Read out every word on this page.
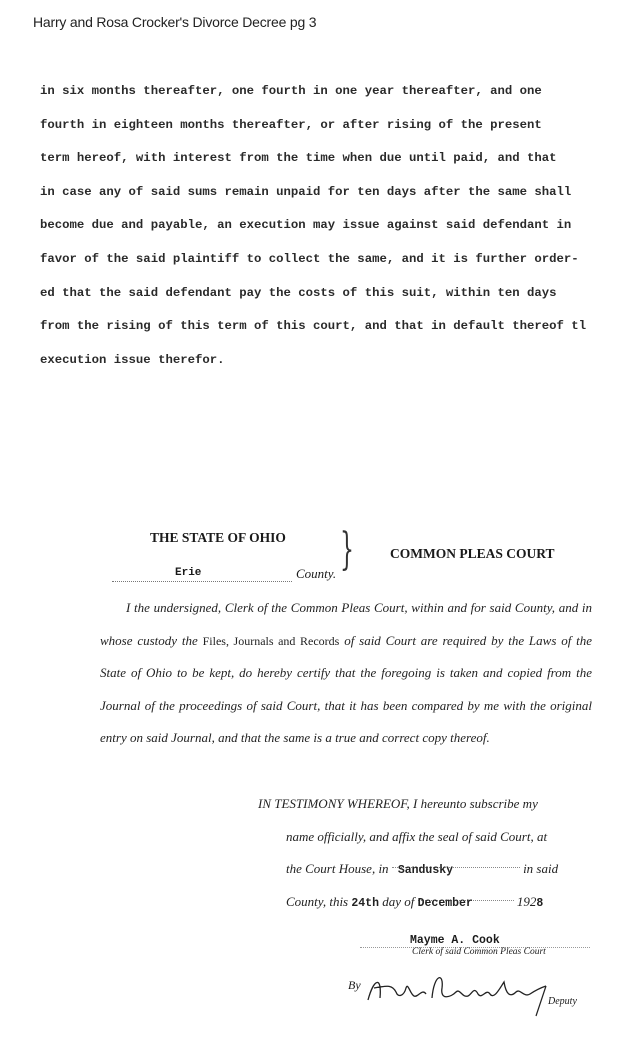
Harry and Rosa Crocker's Divorce Decree pg 3
in six months thereafter, one fourth in one year thereafter, and one
fourth in eighteen months thereafter, or after rising of the present
term hereof, with interest from the time when due until paid, and that
in case any of said sums remain unpaid for ten days after the same shall
become due and payable, an execution may issue against said defendant in
favor of the said plaintiff to collect the same, and it is further order-
ed that the said defendant pay the costs of this suit, within ten days
from the rising of this term of this court, and that in default thereof tl
execution issue therefor.
THE STATE OF OHIO }	COMMON PLEAS COURT
Erie	County.
I the undersigned, Clerk of the Common Pleas Court, within and for said County, and in whose custody the Files, Journals and Records of said Court are required by the Laws of the State of Ohio to be kept, do hereby certify that the foregoing is taken and copied from the Journal of the proceedings of said Court, that it has been compared by me with the original entry on said Journal, and that the same is a true and correct copy thereof.
IN TESTIMONY WHEREOF, I hereunto subscribe my
name officially, and affix the seal of said Court, at
the Court House, in Sandusky	in said
County, this 24th day of December	1928
Mayme A. Cook
Clerk of said Common Pleas Court
By
Deputy
